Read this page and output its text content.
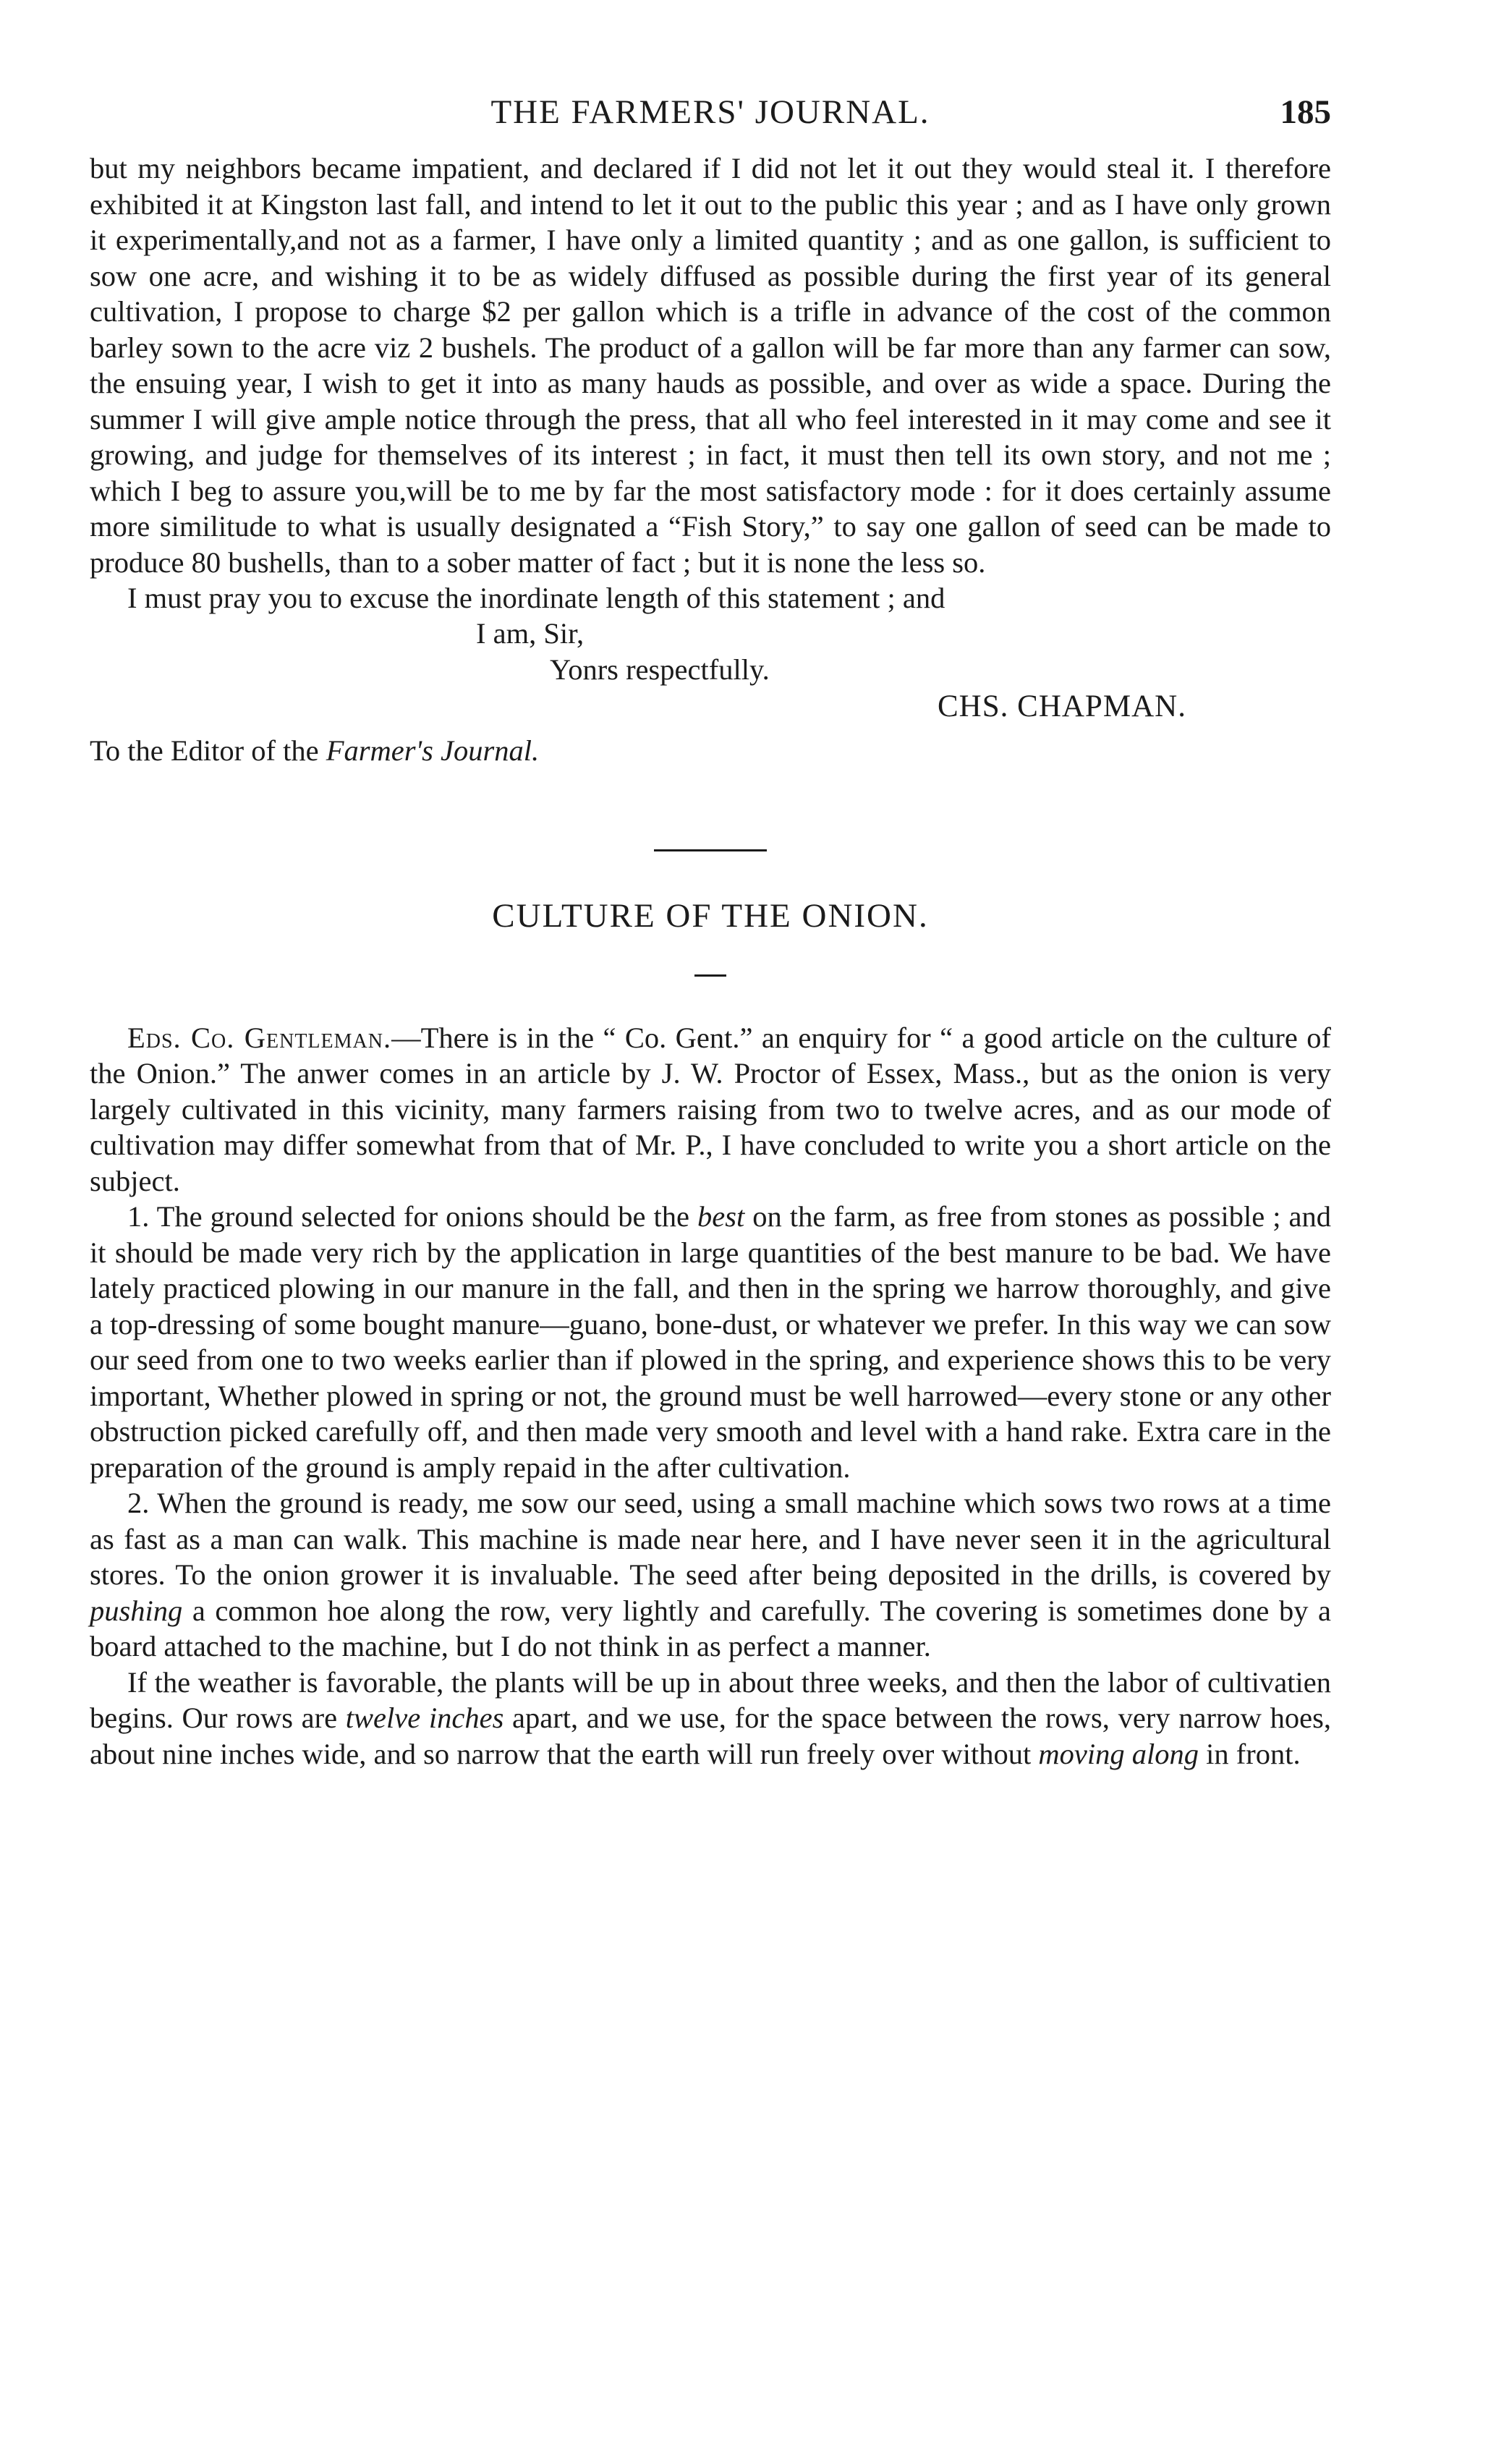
THE FARMERS' JOURNAL.	185

but my neighbors became impatient, and declared if I did not let it out they would steal it. I therefore exhibited it at Kingston last fall, and intend to let it out to the public this year ; and as I have only grown it experimentally,and not as a farmer, I have only a limited quantity ; and as one gallon, is sufficient to sow one acre, and wishing it to be as widely diffused as possible during the first year of its general cultivation, I propose to charge $2 per gallon which is a trifle in advance of the cost of the common barley sown to the acre viz 2 bushels. The product of a gallon will be far more than any farmer can sow, the ensuing year, I wish to get it into as many hauds as possible, and over as wide a space. During the summer I will give ample notice through the press, that all who feel interested in it may come and see it growing, and judge for themselves of its interest ; in fact, it must then tell its own story, and not me ; which I beg to assure you,will be to me by far the most satisfactory mode : for it does certainly assume more similitude to what is usually designated a “Fish Story,” to say one gallon of seed can be made to produce 80 bushells, than to a sober matter of fact ; but it is none the less so.

I must pray you to excuse the inordinate length of this statement ; and

I am, Sir,
Yonrs respectfully.
CHS. CHAPMAN.
To the Editor of the Farmer's Journal.
CULTURE OF THE ONION.

Eds. Co. Gentleman.—There is in the “ Co. Gent.” an enquiry for “ a good article on the culture of the Onion.” The anwer comes in an article by J. W. Proctor of Essex, Mass., but as the onion is very largely cultivated in this vicinity, many farmers raising from two to twelve acres, and as our mode of cultivation may differ somewhat from that of Mr. P., I have concluded to write you a short article on the subject.

1. The ground selected for onions should be the best on the farm, as free from stones as possible ; and it should be made very rich by the application in large quantities of the best manure to be bad. We have lately practiced plowing in our manure in the fall, and then in the spring we harrow thoroughly, and give a top-dressing of some bought manure—guano, bone-dust, or whatever we prefer. In this way we can sow our seed from one to two weeks earlier than if plowed in the spring, and experience shows this to be very important, Whether plowed in spring or not, the ground must be well harrowed—every stone or any other obstruction picked carefully off, and then made very smooth and level with a hand rake. Extra care in the preparation of the ground is amply repaid in the after cultivation.

2. When the ground is ready, me sow our seed, using a small machine which sows two rows at a time as fast as a man can walk. This machine is made near here, and I have never seen it in the agricultural stores. To the onion grower it is invaluable. The seed after being deposited in the drills, is covered by pushing a common hoe along the row, very lightly and carefully. The covering is sometimes done by a board attached to the machine, but I do not think in as perfect a manner.

If the weather is favorable, the plants will be up in about three weeks, and then the labor of cultivatien begins. Our rows are twelve inches apart, and we use, for the space between the rows, very narrow hoes, about nine inches wide, and so narrow that the earth will run freely over without moving along in front.
